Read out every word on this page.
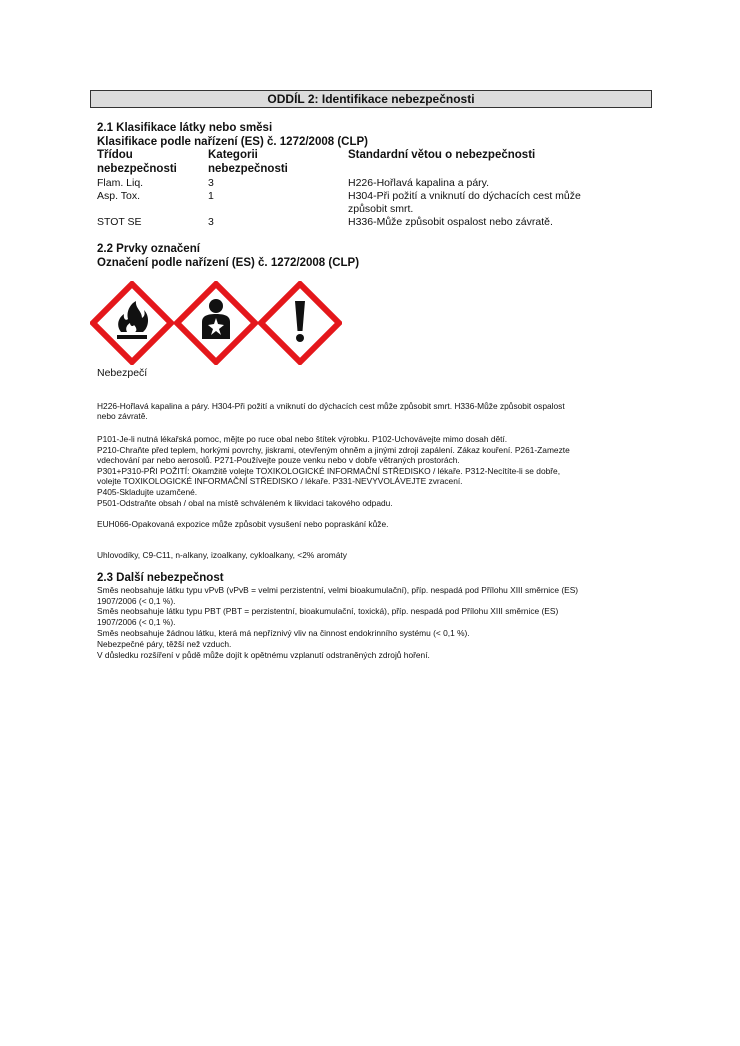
ODDÍL 2: Identifikace nebezpečnosti
2.1 Klasifikace látky nebo směsi
Klasifikace podle nařízení (ES) č. 1272/2008 (CLP)
Třídou	Kategorii	Standardní větou o nebezpečnosti
nebezpečnosti	nebezpečnosti
Flam. Liq.	3	H226-Hořlavá kapalina a páry.
Asp. Tox.	1	H304-Při požití a vniknutí do dýchacích cest může
způsobit smrt.
STOT SE	3	H336-Může způsobit ospalost nebo závratě.
2.2 Prvky označení
Označení podle nařízení (ES) č. 1272/2008 (CLP)
Nebezpečí
H226-Hořlavá kapalina a páry. H304-Při požití a vniknutí do dýchacích cest může způsobit smrt. H336-Může způsobit ospalost
nebo závratě.
P101-Je-li nutná lékařská pomoc, mějte po ruce obal nebo štítek výrobku. P102-Uchovávejte mimo dosah dětí.
P210-Chraňte před teplem, horkými povrchy, jiskrami, otevřeným ohněm a jinými zdroji zapálení. Zákaz kouření. P261-Zamezte
vdechování par nebo aerosolů. P271-Používejte pouze venku nebo v dobře větraných prostorách.
P301+P310-PŘI POŽITÍ: Okamžitě volejte TOXIKOLOGICKÉ INFORMAČNÍ STŘEDISKO / lékaře. P312-Necítíte-li se dobře,
volejte TOXIKOLOGICKÉ INFORMAČNÍ STŘEDISKO / lékaře. P331-NEVYVOLÁVEJTE zvracení.
P405-Skladujte uzamčené.
P501-Odstraňte obsah / obal na místě schváleném k likvidaci takového odpadu.
EUH066-Opakovaná expozice může způsobit vysušení nebo popraskání kůže.
Uhlovodíky, C9-C11, n-alkany, izoalkany, cykloalkany, <2% aromáty
2.3 Další nebezpečnost
Směs neobsahuje látku typu vPvB (vPvB = velmi perzistentní, velmi bioakumulační), příp. nespadá pod Přílohu XIII směrnice (ES)
1907/2006 (< 0,1 %).
Směs neobsahuje látku typu PBT (PBT = perzistentní, bioakumulační, toxická), příp. nespadá pod Přílohu XIII směrnice (ES)
1907/2006 (< 0,1 %).
Směs neobsahuje žádnou látku, která má nepříznivý vliv na činnost endokrinního systému (< 0,1 %).
Nebezpečné páry, těžší než vzduch.
V důsledku rozšíření v půdě může dojít k opětnému vzplanutí odstraněných zdrojů hoření.
